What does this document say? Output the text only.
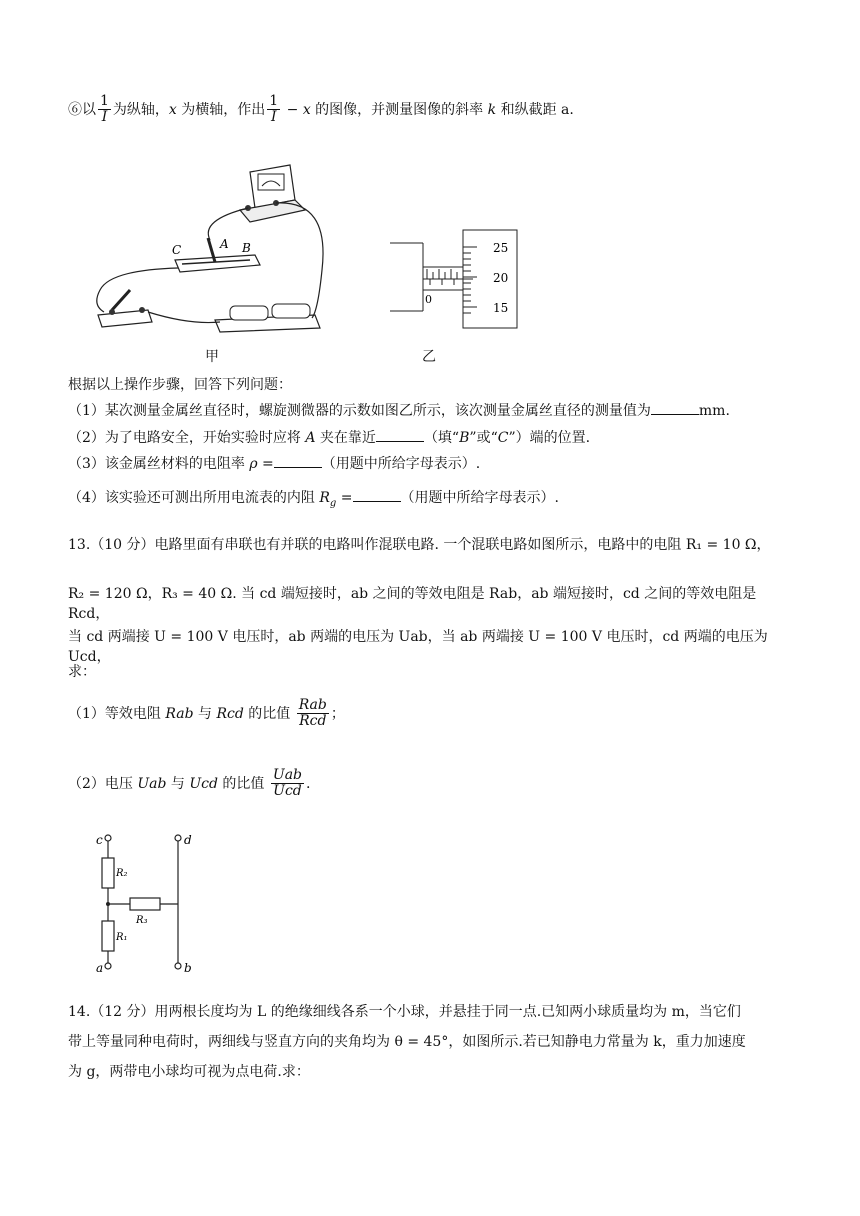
⑥以 $\frac{1}{I}$ 为纵轴，x 为横轴，作出 $\frac{1}{I} - x$ 的图像，并测量图像的斜率 k 和纵截距 a.
C	A B
甲
25
20
15
0
乙
根据以上操作步骤，回答下列问题：
（1）某次测量金属丝直径时，螺旋测微器的示数如图乙所示，该次测量金属丝直径的测量值为	mm.
（2）为了电路安全，开始实验时应将 A 夹在靠近	（填“B”或“C”）端的位置.
（3）该金属丝材料的电阻率 ρ =	（用题中所给字母表示）.
（4）该实验还可测出所用电流表的内阻 $R_g$ =	（用题中所给字母表示）.
13.（10 分）电路里面有串联也有并联的电路叫作混联电路. 一个混联电路如图所示，电路中的电阻 R₁ = 10 Ω，
R₂ = 120 Ω，R₃ = 40 Ω. 当 cd 端短接时，ab 之间的等效电阻是 Rab，ab 端短接时，cd 之间的等效电阻是 Rcd，
当 cd 两端接 U = 100 V 电压时，ab 两端的电压为 Uab，当 ab 两端接 U = 100 V 电压时，cd 两端的电压为 Ucd，
求：
（1）等效电阻 Rab 与 Rcd 的比值 $\frac{\text{Rab}}{\text{Rcd}}$ ；
（2）电压 Uab 与 Ucd 的比值 $\frac{\text{Uab}}{\text{Ucd}}$ .
c	d
a	b
R₂
R₁
R₃
14.（12 分）用两根长度均为 L 的绝缘细线各系一个小球，并悬挂于同一点.已知两小球质量均为 m，当它们
带上等量同种电荷时，两细线与竖直方向的夹角均为 θ = 45°，如图所示.若已知静电力常量为 k，重力加速度
为 g，两带电小球均可视为点电荷.求：
